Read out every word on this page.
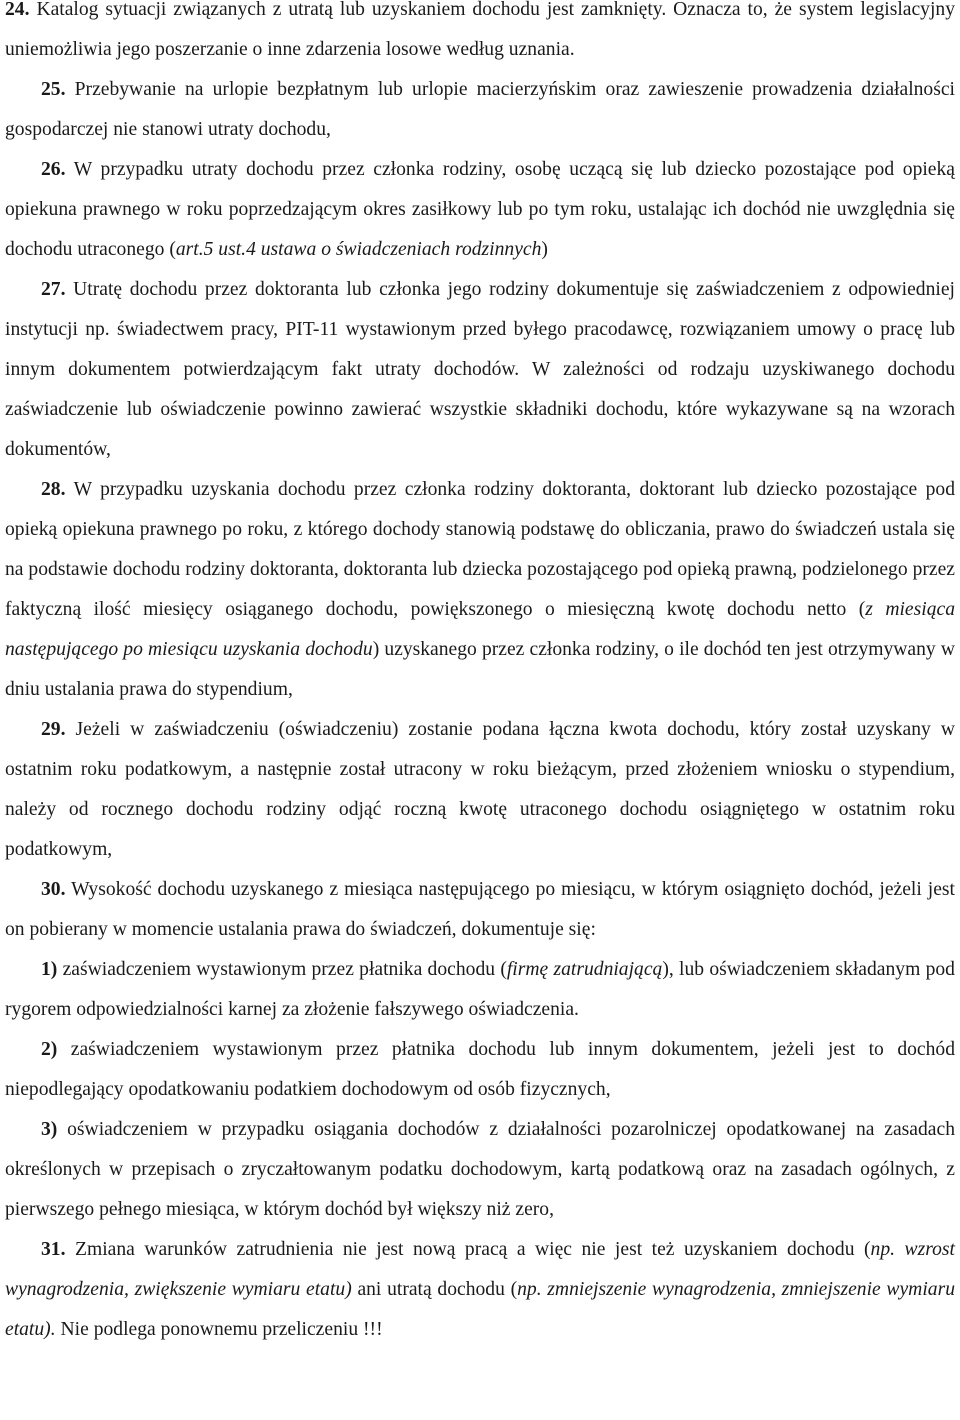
24. Katalog sytuacji związanych z utratą lub uzyskaniem dochodu jest zamknięty. Oznacza to, że system legislacyjny uniemożliwia jego poszerzanie o inne zdarzenia losowe według uznania.

25. Przebywanie na urlopie bezpłatnym lub urlopie macierzyńskim oraz zawieszenie prowadzenia działalności gospodarczej nie stanowi utraty dochodu,

26. W przypadku utraty dochodu przez członka rodziny, osobę uczącą się lub dziecko pozostające pod opieką opiekuna prawnego w roku poprzedzającym okres zasiłkowy lub po tym roku, ustalając ich dochód nie uwzględnia się dochodu utraconego (art.5 ust.4 ustawa o świadczeniach rodzinnych)

27. Utratę dochodu przez doktoranta lub członka jego rodziny dokumentuje się zaświadczeniem z odpowiedniej instytucji np. świadectwem pracy, PIT-11 wystawionym przed byłego pracodawcę, rozwiązaniem umowy o pracę lub innym dokumentem potwierdzającym fakt utraty dochodów. W zależności od rodzaju uzyskiwanego dochodu zaświadczenie lub oświadczenie powinno zawierać wszystkie składniki dochodu, które wykazywane są na wzorach dokumentów,

28. W przypadku uzyskania dochodu przez członka rodziny doktoranta, doktorant lub dziecko pozostające pod opieką opiekuna prawnego po roku, z którego dochody stanowią podstawę do obliczania, prawo do świadczeń ustala się na podstawie dochodu rodziny doktoranta, doktoranta lub dziecka pozostającego pod opieką prawną, podzielonego przez faktyczną ilość miesięcy osiąganego dochodu, powiększonego o miesięczną kwotę dochodu netto (z miesiąca następującego po miesiącu uzyskania dochodu) uzyskanego przez członka rodziny, o ile dochód ten jest otrzymywany w dniu ustalania prawa do stypendium,

29. Jeżeli w zaświadczeniu (oświadczeniu) zostanie podana łączna kwota dochodu, który został uzyskany w ostatnim roku podatkowym, a następnie został utracony w roku bieżącym, przed złożeniem wniosku o stypendium, należy od rocznego dochodu rodziny odjąć roczną kwotę utraconego dochodu osiągniętego w ostatnim roku podatkowym,

30. Wysokość dochodu uzyskanego z miesiąca następującego po miesiącu, w którym osiągnięto dochód, jeżeli jest on pobierany w momencie ustalania prawa do świadczeń, dokumentuje się:

1) zaświadczeniem wystawionym przez płatnika dochodu (firmę zatrudniającą), lub oświadczeniem składanym pod rygorem odpowiedzialności karnej za złożenie fałszywego oświadczenia.

2) zaświadczeniem wystawionym przez płatnika dochodu lub innym dokumentem, jeżeli jest to dochód niepodlegający opodatkowaniu podatkiem dochodowym od osób fizycznych,

3) oświadczeniem w przypadku osiągania dochodów z działalności pozarolniczej opodatkowanej na zasadach określonych w przepisach o zryczałtowanym podatku dochodowym, kartą podatkową oraz na zasadach ogólnych, z pierwszego pełnego miesiąca, w którym dochód był większy niż zero,

31. Zmiana warunków zatrudnienia nie jest nową pracą a więc nie jest też uzyskaniem dochodu (np. wzrost wynagrodzenia, zwiększenie wymiaru etatu) ani utratą dochodu (np. zmniejszenie wynagrodzenia, zmniejszenie wymiaru etatu). Nie podlega ponownemu przeliczeniu !!!
